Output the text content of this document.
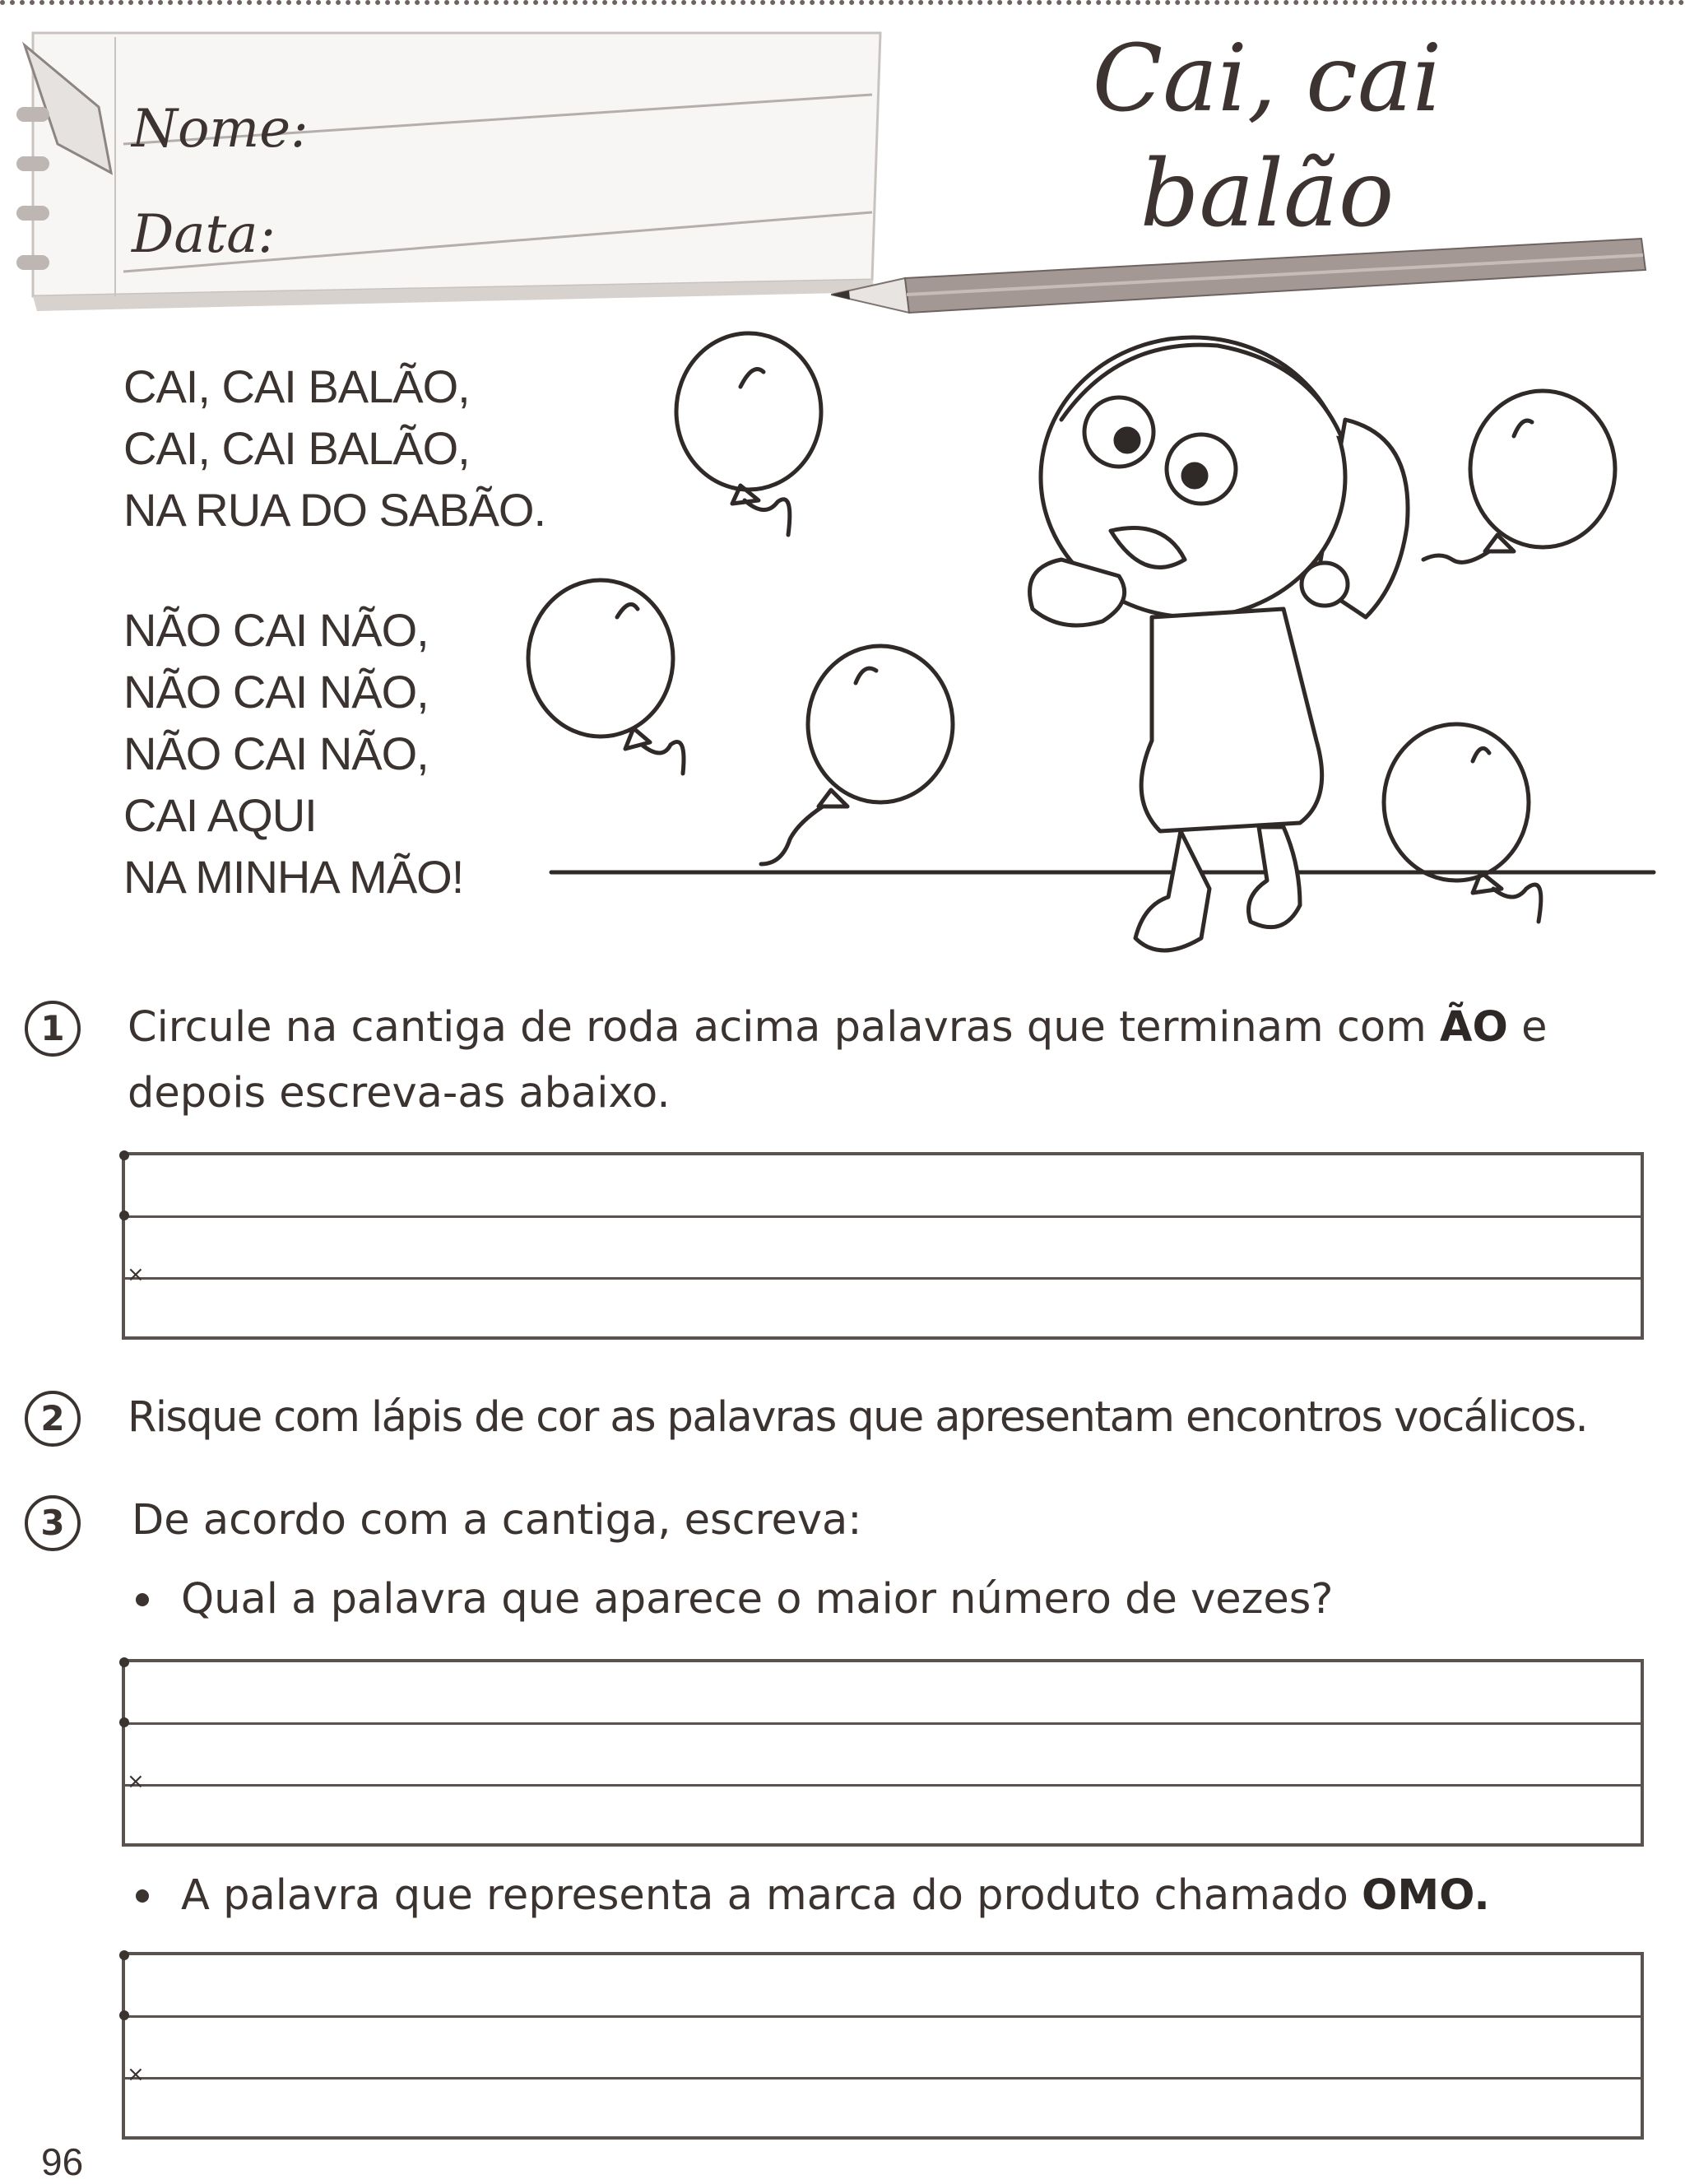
Nome:
Data:
Cai, cai
balão
CAI, CAI BALÃO,
CAI, CAI BALÃO,
NA RUA DO SABÃO.
NÃO CAI NÃO,
NÃO CAI NÃO,
NÃO CAI NÃO,
CAI AQUI
NA MINHA MÃO!
1	Circule na cantiga de roda acima palavras que terminam com ÃO e
depois escreva-as abaixo.
×
2	Risque com lápis de cor as palavras que apresentam encontros vocálicos.
3	De acordo com a cantiga, escreva:
Qual a palavra que aparece o maior número de vezes?
×
A palavra que representa a marca do produto chamado OMO.
×
96
